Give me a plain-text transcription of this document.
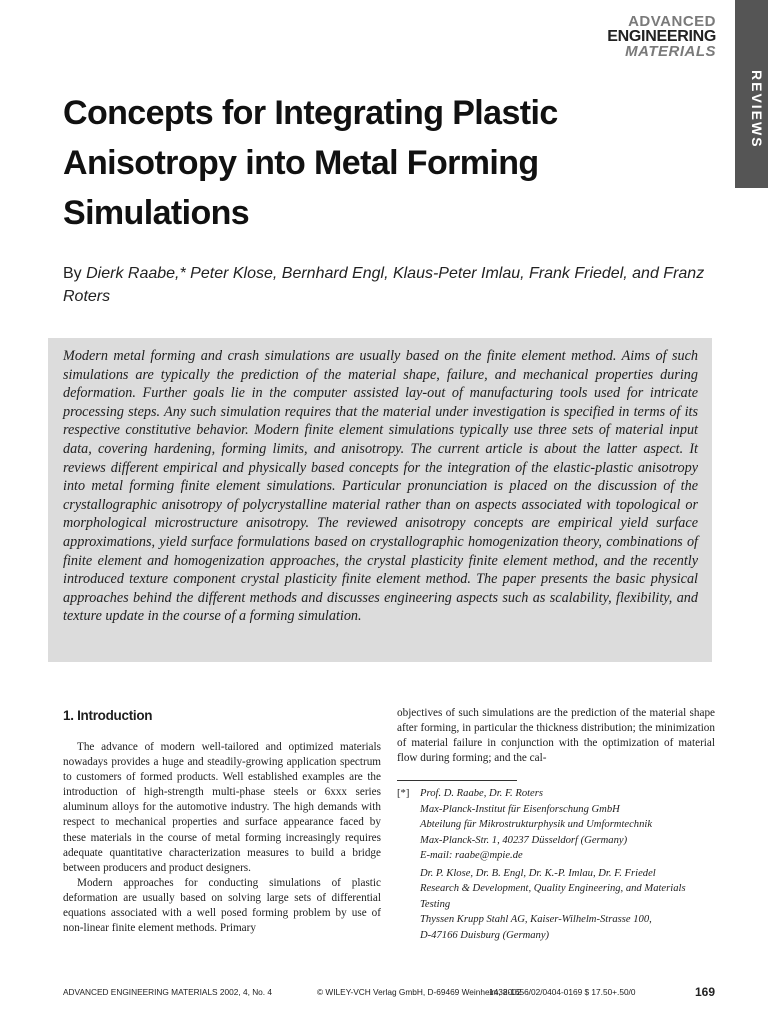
ADVANCED
ENGINEERING
MATERIALS
REVIEWS
Concepts for Integrating Plastic Anisotropy into Metal Forming Simulations

By Dierk Raabe,* Peter Klose, Bernhard Engl, Klaus-Peter Imlau, Frank Friedel, and Franz Roters

Modern metal forming and crash simulations are usually based on the finite element method. Aims of such simulations are typically the prediction of the material shape, failure, and mechanical properties during deformation. Further goals lie in the computer assisted lay-out of manufacturing tools used for intricate processing steps. Any such simulation requires that the material under investigation is specified in terms of its respective constitutive behavior. Modern finite element simulations typically use three sets of material input data, covering hardening, forming limits, and anisotropy. The current article is about the latter aspect. It reviews different empirical and physically based concepts for the integration of the elastic-plastic anisotropy into metal forming finite element simulations. Particular pronunciation is placed on the discussion of the crystallographic anisotropy of polycrystalline material rather than on aspects associated with topological or morphological microstructure anisotropy. The reviewed anisotropy concepts are empirical yield surface approximations, yield surface formulations based on crystallographic homogenization theory, combinations of finite element and homogenization approaches, the crystal plasticity finite element method, and the recently introduced texture component crystal plasticity finite element method. The paper presents the basic physical approaches behind the different methods and discusses engineering aspects such as scalability, flexibility, and texture update in the course of a forming simulation.
1. Introduction

The advance of modern well-tailored and optimized materials nowadays provides a huge and steadily-growing application spectrum to customers of formed products. Well established examples are the introduction of high-strength multi-phase steels or 6xxx series aluminum alloys for the automotive industry. The high demands with respect to mechanical properties and surface appearance faced by these materials in the course of metal forming increasingly requires adequate quantitative characterization measures to build a bridge between producers and product designers.

Modern approaches for conducting simulations of plastic deformation are usually based on solving large sets of differential equations associated with a well posed forming problem by use of non-linear finite element methods. Primary

objectives of such simulations are the prediction of the material shape after forming, in particular the thickness distribution; the minimization of material failure in conjunction with the optimization of material flow during forming; and the cal-

[*] Prof. D. Raabe, Dr. F. Roters
Max-Planck-Institut für Eisenforschung GmbH
Abteilung für Mikrostrukturphysik und Umformtechnik
Max-Planck-Str. 1, 40237 Düsseldorf (Germany)
E-mail: raabe@mpie.de
Dr. P. Klose, Dr. B. Engl, Dr. K.-P. Imlau, Dr. F. Friedel
Research & Development, Quality Engineering, and Materials Testing
Thyssen Krupp Stahl AG, Kaiser-Wilhelm-Strasse 100,
D-47166 Duisburg (Germany)
ADVANCED ENGINEERING MATERIALS 2002, 4, No. 4	© WILEY-VCH Verlag GmbH, D-69469 Weinheim, 2002
1438-1656/02/0404-0169 $ 17.50+.50/0	169
